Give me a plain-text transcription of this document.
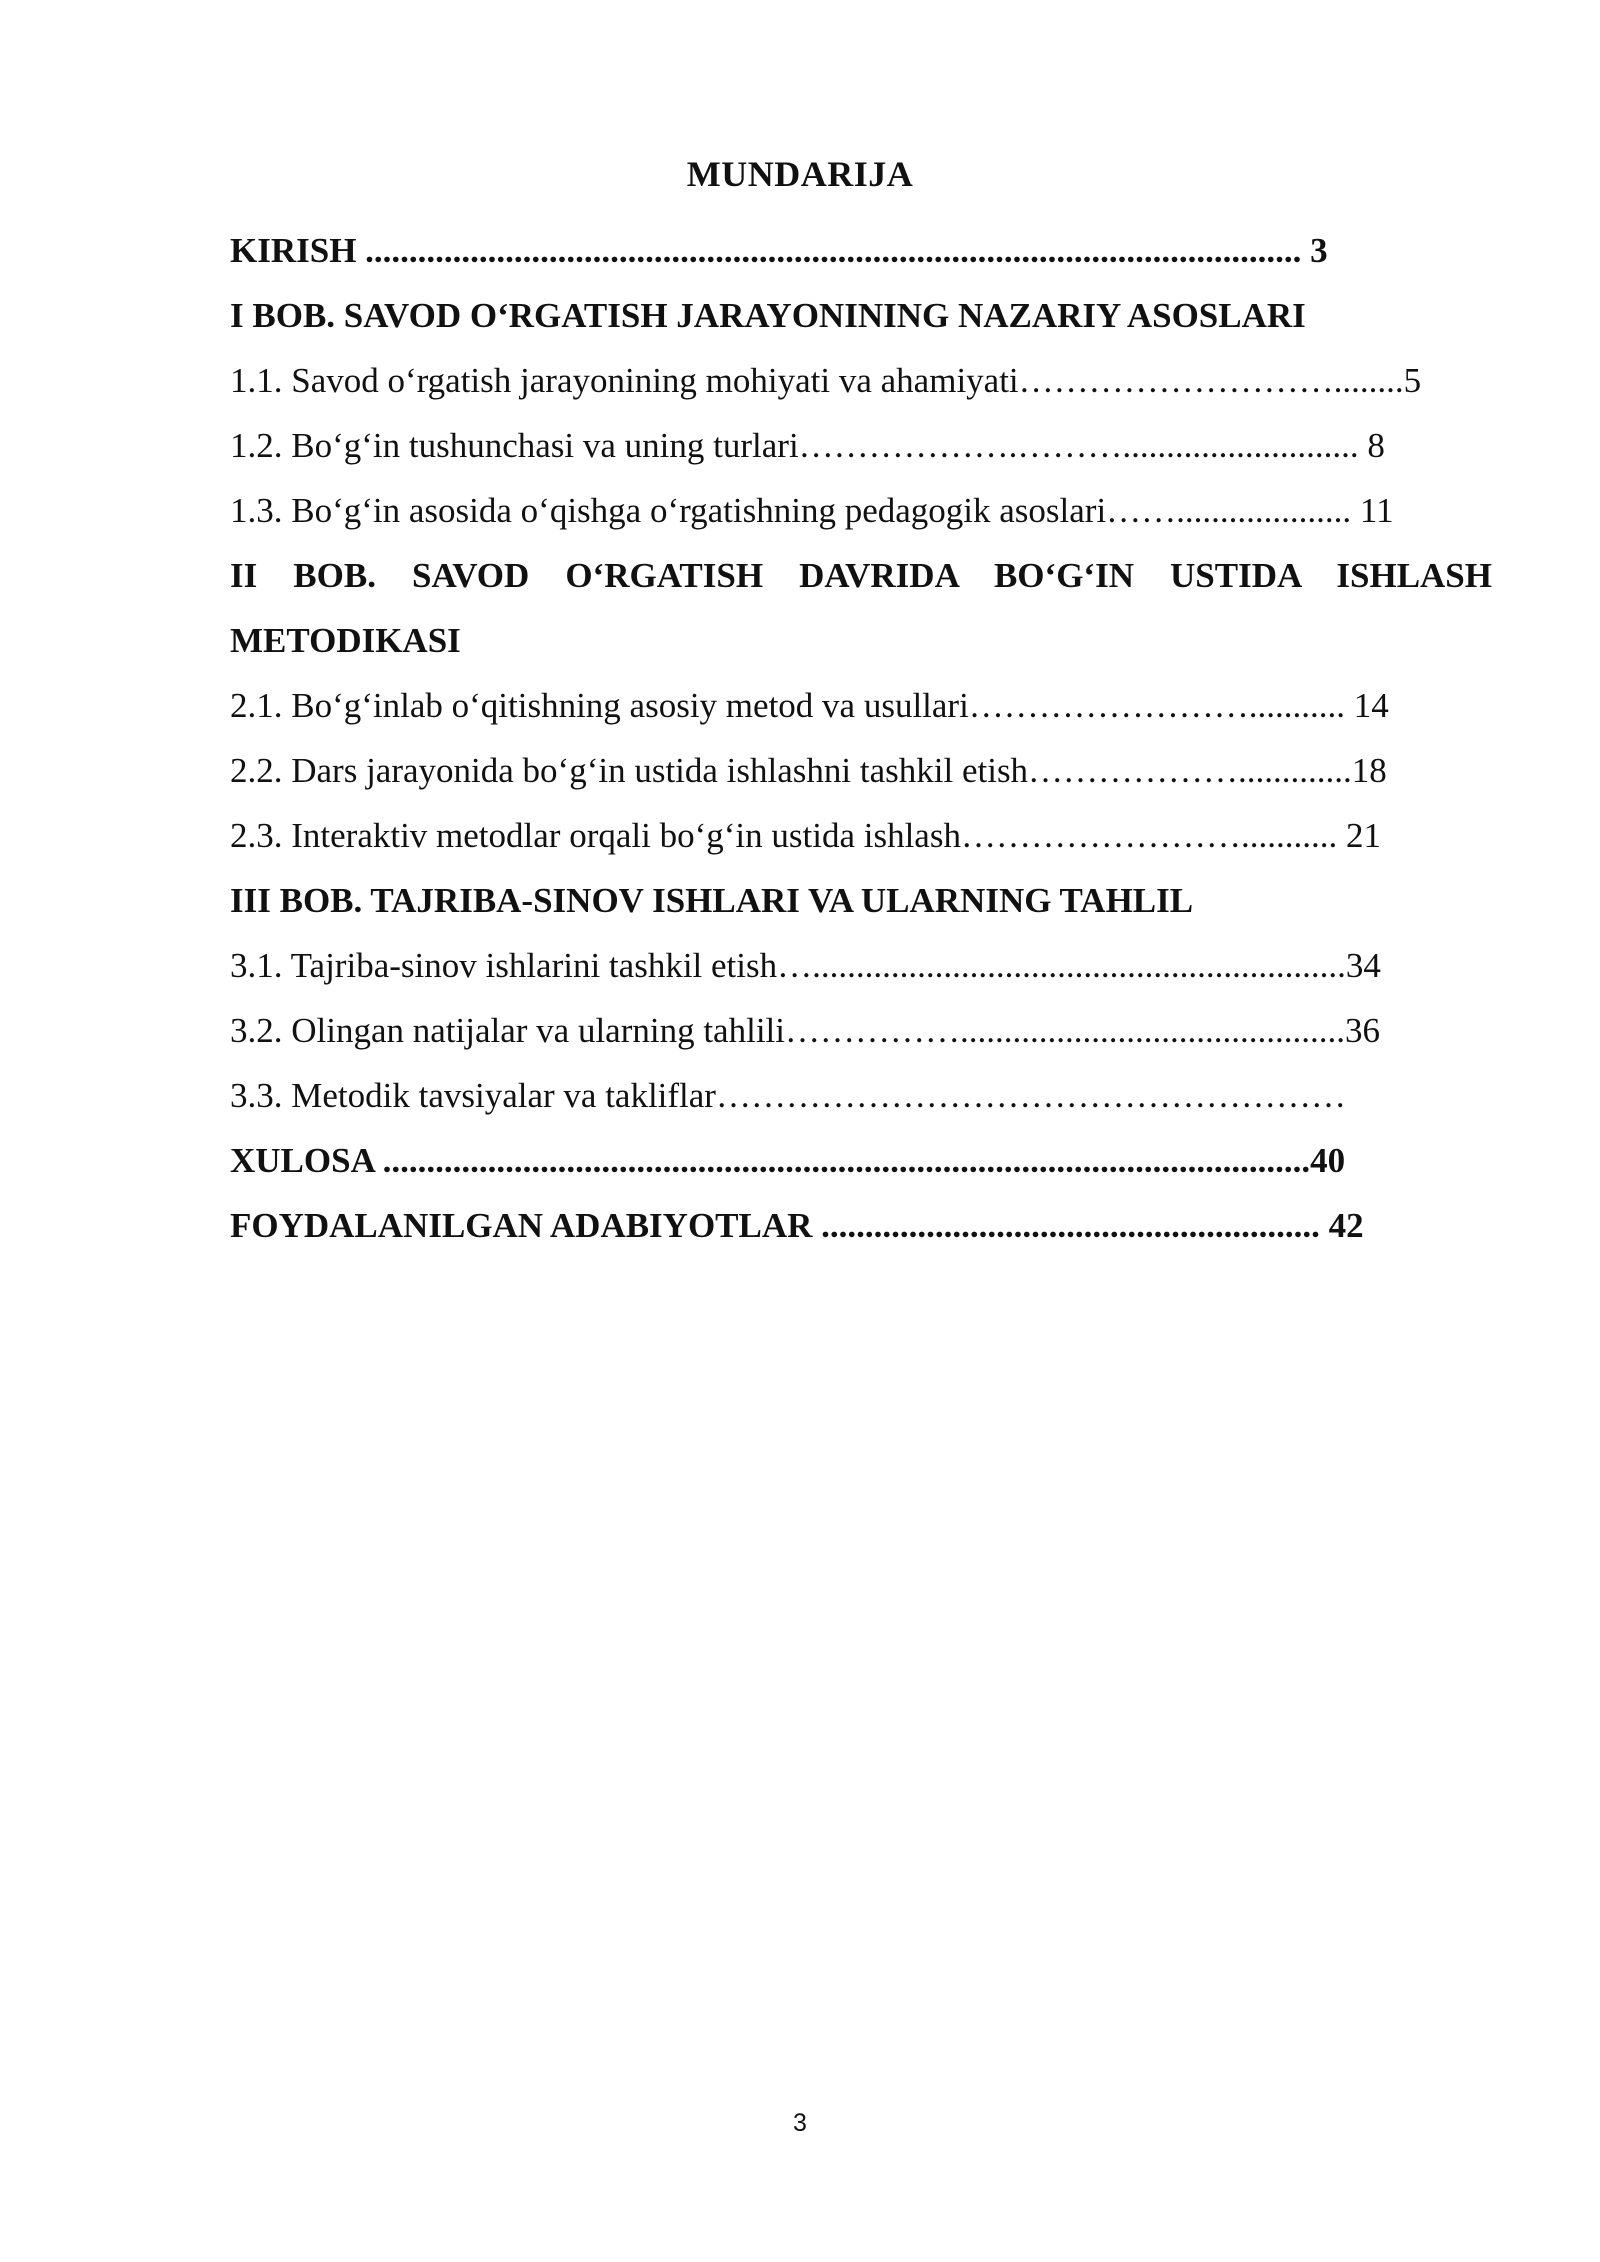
MUNDARIJA
KIRISH ........................................................................................................... 3
I BOB. SAVOD O‘RGATISH JARAYONINING NAZARIY ASOSLARI
1.1. Savod o‘rgatish jarayonining mohiyati va ahamiyati………………………........5
1.2. Bo‘g‘in tushunchasi va uning turlari……………….………........................... 8
1.3. Bo‘g‘in asosida o‘qishga o‘rgatishning pedagogik asoslari…….................... 11
II BOB. SAVOD O‘RGATISH DAVRIDA BO‘G‘IN USTIDA ISHLASH
METODIKASI
2.1. Bo‘g‘inlab o‘qitishning asosiy metod va usullari……………………........... 14
2.2. Dars jarayonida bo‘g‘in ustida ishlashni tashkil etish……………….............18
2.3. Interaktiv metodlar orqali bo‘g‘in ustida ishlash……………………........... 21
III BOB. TAJRIBA-SINOV ISHLARI VA ULARNING TAHLIL
3.1. Tajriba-sinov ishlarini tashkil etish….............................................................34
3.2. Olingan natijalar va ularning tahlili……………............................................36
3.3. Metodik tavsiyalar va takliflar………………………………………………
XULOSA ..........................................................................................................40
FOYDALANILGAN ADABIYOTLAR ......................................................... 42
3
